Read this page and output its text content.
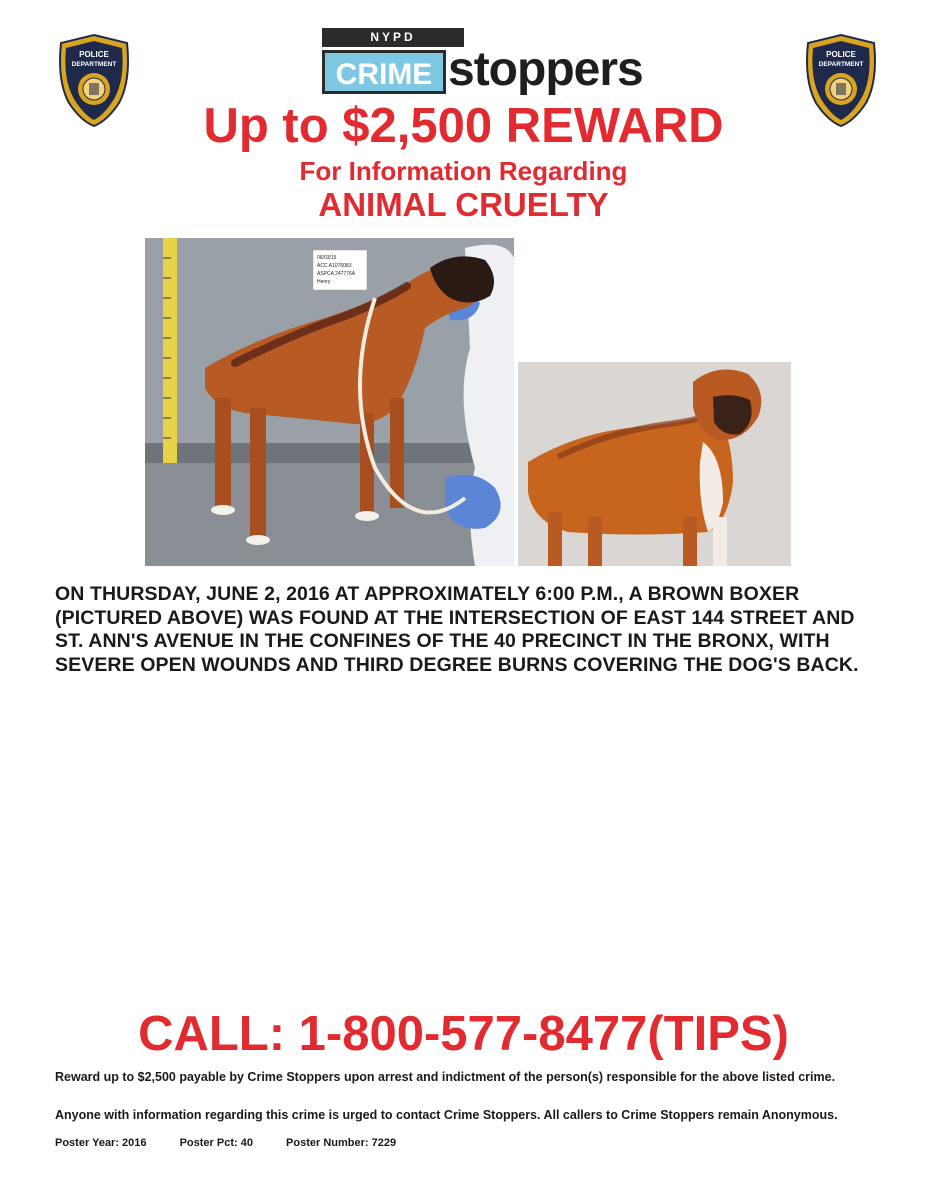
POLICE
DEPARTMENT
POLICE
DEPARTMENT
NYPD
CRIME stoppers
Up to $2,500 REWARD
For Information Regarding
ANIMAL CRUELTY
06/03/15
ACC A1076083
ASPCA 247776A
Henry
ON THURSDAY, JUNE 2, 2016 AT APPROXIMATELY 6:00 P.M., A BROWN BOXER (PICTURED ABOVE) WAS FOUND AT THE INTERSECTION OF EAST 144 STREET AND ST. ANN'S AVENUE IN THE CONFINES OF THE 40 PRECINCT IN THE BRONX, WITH SEVERE OPEN WOUNDS AND THIRD DEGREE BURNS COVERING THE DOG'S BACK.
CALL: 1-800-577-8477(TIPS)
Reward up to $2,500 payable by Crime Stoppers upon arrest and indictment of the person(s) responsible for the above listed crime.
Anyone with information regarding this crime is urged to contact Crime Stoppers. All callers to Crime Stoppers remain Anonymous.
Poster Year: 2016	Poster Pct: 40	Poster Number: 7229
